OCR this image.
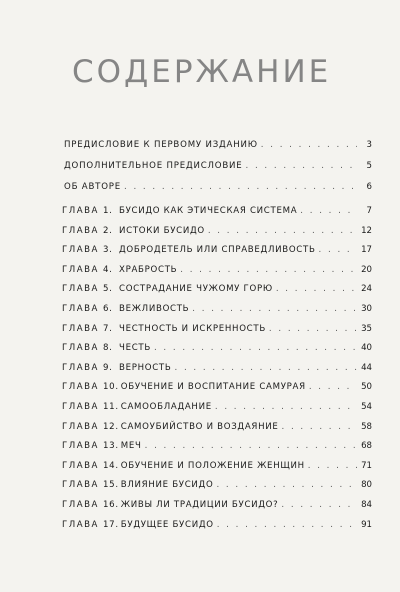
СОДЕРЖАНИЕ
ПРЕДИСЛОВИЕ К ПЕРВОМУ ИЗДАНИЮ . . .	3
ДОПОЛНИТЕЛЬНОЕ ПРЕДИСЛОВИЕ . . .	5
ОБ АВТОРЕ . . .	6
ГЛАВА 1. БУСИДО КАК ЭТИЧЕСКАЯ СИСТЕМА . . .	7
ГЛАВА 2. ИСТОКИ БУСИДО . . .	12
ГЛАВА 3. ДОБРОДЕТЕЛЬ ИЛИ СПРАВЕДЛИВОСТЬ . . .	17
ГЛАВА 4. ХРАБРОСТЬ . . .	20
ГЛАВА 5. СОСТРАДАНИЕ ЧУЖОМУ ГОРЮ . . .	24
ГЛАВА 6. ВЕЖЛИВОСТЬ . . .	30
ГЛАВА 7. ЧЕСТНОСТЬ И ИСКРЕННОСТЬ . . .	35
ГЛАВА 8. ЧЕСТЬ . . .	40
ГЛАВА 9. ВЕРНОСТЬ . . .	44
ГЛАВА 10. ОБУЧЕНИЕ И ВОСПИТАНИЕ САМУРАЯ . . .	50
ГЛАВА 11. САМООБЛАДАНИЕ . . .	54
ГЛАВА 12. САМОУБИЙСТВО И ВОЗДАЯНИЕ . . .	58
ГЛАВА 13. МЕЧ . . .	68
ГЛАВА 14. ОБУЧЕНИЕ И ПОЛОЖЕНИЕ ЖЕНЩИН . . .	71
ГЛАВА 15. ВЛИЯНИЕ БУСИДО . . .	80
ГЛАВА 16. ЖИВЫ ЛИ ТРАДИЦИИ БУСИДО? . . .	84
ГЛАВА 17. БУДУЩЕЕ БУСИДО . . .	91
